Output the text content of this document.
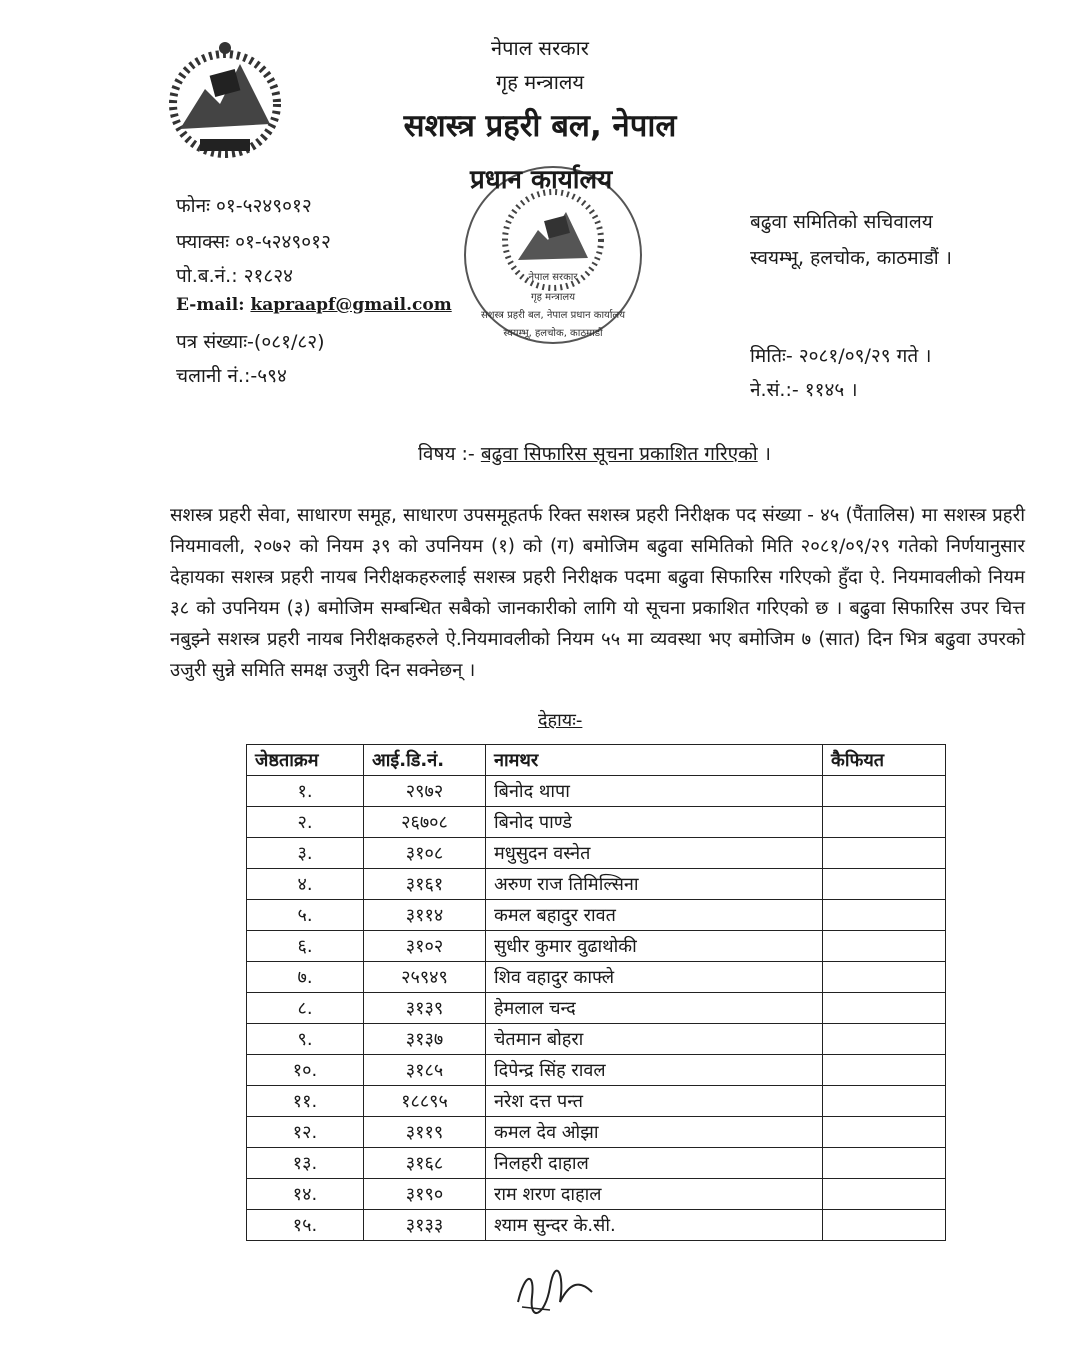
नेपाल सरकार
गृह मन्त्रालय
सशस्त्र प्रहरी बल, नेपाल प्रधान कार्यालय
स्वयम्भू, हलचोक, काठमाडौं
नेपाल सरकार
गृह मन्त्रालय
सशस्त्र प्रहरी बल, नेपाल
प्रधान कार्यालय
फोनः ०१-५२४९०१२
फ्याक्सः ०१-५२४९०१२
पो.ब.नं.: २१८२४
E-mail: kapraapf@gmail.com
पत्र संख्याः-(०८१/८२)
चलानी नं.:-५९४
बढुवा समितिको सचिवालय
स्वयम्भू, हलचोक, काठमाडौं ।
मितिः- २०८१/०९/२९ गते ।
ने.सं.:- ११४५ ।
विषय :- बढुवा सिफारिस सूचना प्रकाशित गरिएको ।
सशस्त्र प्रहरी सेवा, साधारण समूह, साधारण उपसमूहतर्फ रिक्त सशस्त्र प्रहरी निरीक्षक पद संख्या - ४५ (पैंतालिस) मा सशस्त्र प्रहरी नियमावली, २०७२ को नियम ३९ को उपनियम (१) को (ग) बमोजिम बढुवा समितिको मिति २०८१/०९/२९ गतेको निर्णयानुसार देहायका सशस्त्र प्रहरी नायब निरीक्षकहरुलाई सशस्त्र प्रहरी निरीक्षक पदमा बढुवा सिफारिस गरिएको हुँदा ऐ. नियमावलीको नियम ३८ को उपनियम (३) बमोजिम सम्बन्धित सबैको जानकारीको लागि यो सूचना प्रकाशित गरिएको छ । बढुवा सिफारिस उपर चित्त नबुझ्ने सशस्त्र प्रहरी नायब निरीक्षकहरुले ऐ.नियमावलीको नियम ५५ मा व्यवस्था भए बमोजिम ७ (सात) दिन भित्र बढुवा उपरको उजुरी सुन्ने समिति समक्ष उजुरी दिन सक्नेछन् ।
देहायः-
जेष्ठताक्रम	आई.डि.नं.	नामथर	कैफियत
१.	२९७२	बिनोद थापा	
२.	२६७०८	बिनोद पाण्डे	
३.	३१०८	मधुसुदन वस्नेत	
४.	३१६१	अरुण राज तिमिल्सिना	
५.	३११४	कमल बहादुर रावत	
६.	३१०२	सुधीर कुमार वुढाथोकी	
७.	२५९४९	शिव वहादुर काफ्ले	
८.	३१३९	हेमलाल चन्द	
९.	३१३७	चेतमान बोहरा	
१०.	३१८५	दिपेन्द्र सिंह रावल	
११.	१८८९५	नरेश दत्त पन्त	
१२.	३११९	कमल देव ओझा	
१३.	३१६८	निलहरी दाहाल	
१४.	३१९०	राम शरण दाहाल	
१५.	३१३३	श्याम सुन्दर के.सी.	
